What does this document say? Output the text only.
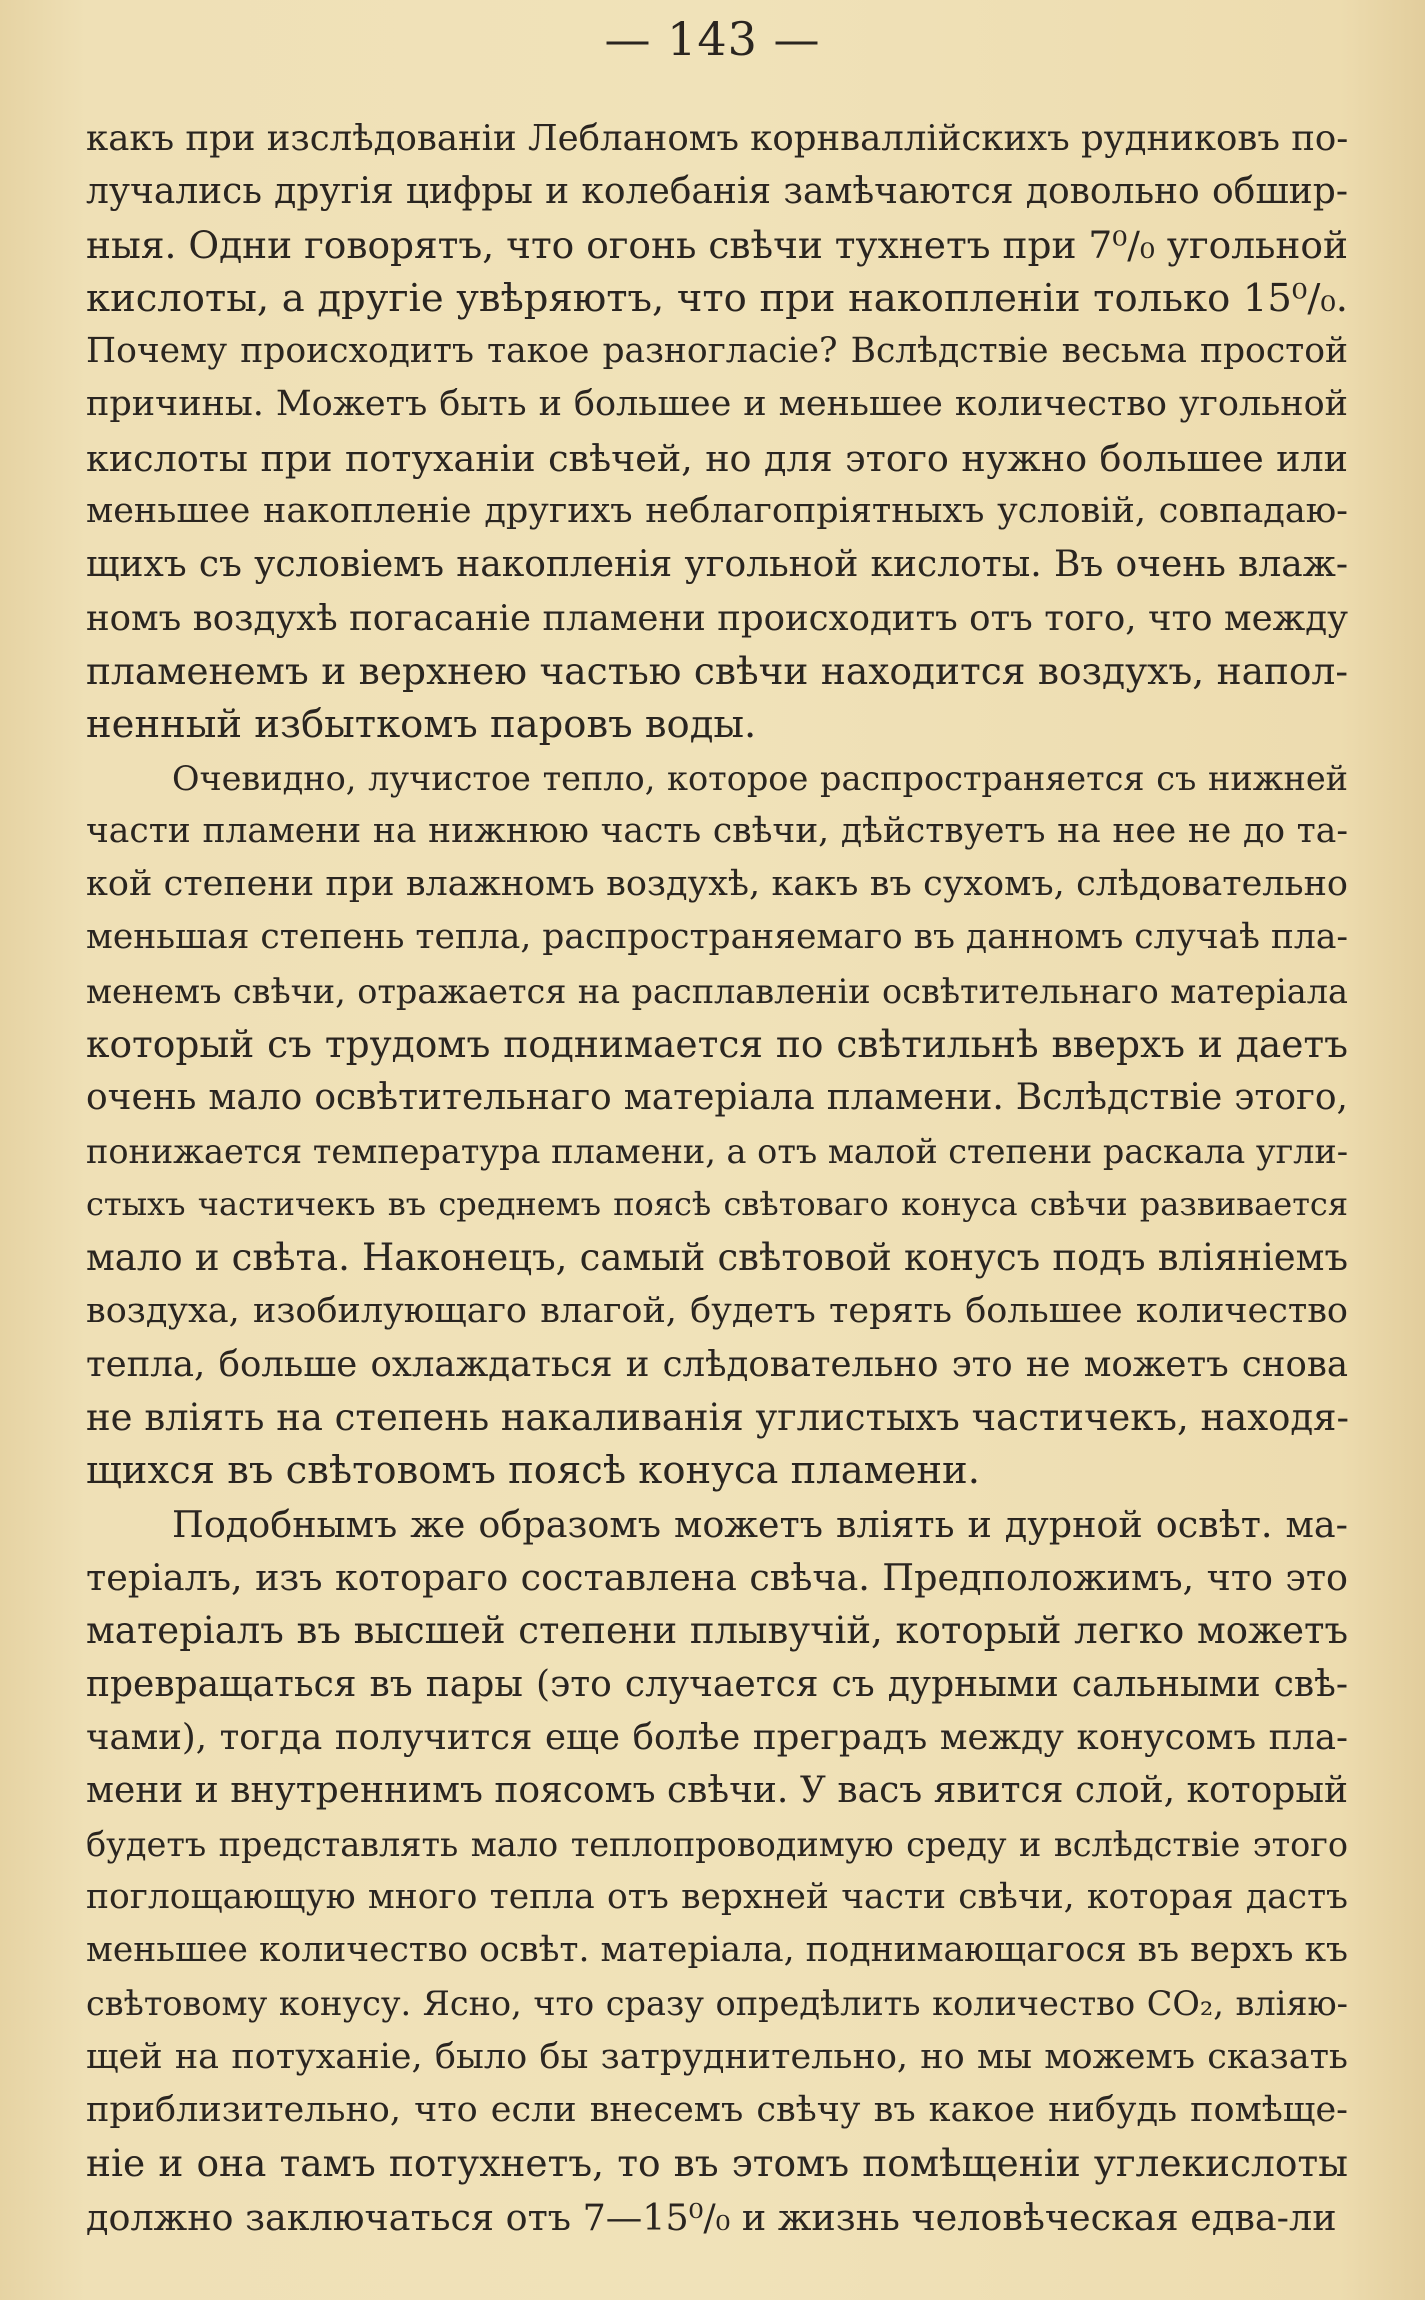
— 143 —
какъ при изслѣдованіи Лебланомъ корнваллійскихъ рудниковъ по-
лучались другія цифры и колебанія замѣчаются довольно обшир-
ныя. Одни говорятъ, что огонь свѣчи тухнетъ при 7⁰/₀ угольной
кислоты, а другіе увѣряютъ, что при накопленіи только 15⁰/₀.
Почему происходитъ такое разногласіе? Вслѣдствіе весьма простой
причины. Можетъ быть и большее и меньшее количество угольной
кислоты при потуханіи свѣчей, но для этого нужно большее или
меньшее накопленіе другихъ неблагопріятныхъ условій, совпадаю-
щихъ съ условіемъ накопленія угольной кислоты. Въ очень влаж-
номъ воздухѣ погасаніе пламени происходитъ отъ того, что между
пламенемъ и верхнею частью свѣчи находится воздухъ, напол-
ненный избыткомъ паровъ воды.
Очевидно, лучистое тепло, которое распространяется съ нижней
части пламени на нижнюю часть свѣчи, дѣйствуетъ на нее не до та-
кой степени при влажномъ воздухѣ, какъ въ сухомъ, слѣдовательно
меньшая степень тепла, распространяемаго въ данномъ случаѣ пла-
менемъ свѣчи, отражается на расплавленіи освѣтительнаго матеріала
который съ трудомъ поднимается по свѣтильнѣ вверхъ и даетъ
очень мало освѣтительнаго матеріала пламени. Вслѣдствіе этого,
понижается температура пламени, а отъ малой степени раскала угли-
стыхъ частичекъ въ среднемъ поясѣ свѣтоваго конуса свѣчи развивается
мало и свѣта. Наконецъ, самый свѣтовой конусъ подъ вліяніемъ
воздуха, изобилующаго влагой, будетъ терять большее количество
тепла, больше охлаждаться и слѣдовательно это не можетъ снова
не вліять на степень накаливанія углистыхъ частичекъ, находя-
щихся въ свѣтовомъ поясѣ конуса пламени.
Подобнымъ же образомъ можетъ вліять и дурной освѣт. ма-
теріалъ, изъ котораго составлена свѣча. Предположимъ, что это
матеріалъ въ высшей степени плывучій, который легко можетъ
превращаться въ пары (это случается съ дурными сальными свѣ-
чами), тогда получится еще болѣе преградъ между конусомъ пла-
мени и внутреннимъ поясомъ свѣчи. У васъ явится слой, который
будетъ представлять мало теплопроводимую среду и вслѣдствіе этого
поглощающую много тепла отъ верхней части свѣчи, которая дастъ
меньшее количество освѣт. матеріала, поднимающагося въ верхъ къ
свѣтовому конусу. Ясно, что сразу опредѣлить количество CO₂, вліяю-
щей на потуханіе, было бы затруднительно, но мы можемъ сказать
приблизительно, что если внесемъ свѣчу въ какое нибудь помѣще-
ніе и она тамъ потухнетъ, то въ этомъ помѣщеніи углекислоты
должно заключаться отъ 7—15⁰/₀ и жизнь человѣческая едва-ли
